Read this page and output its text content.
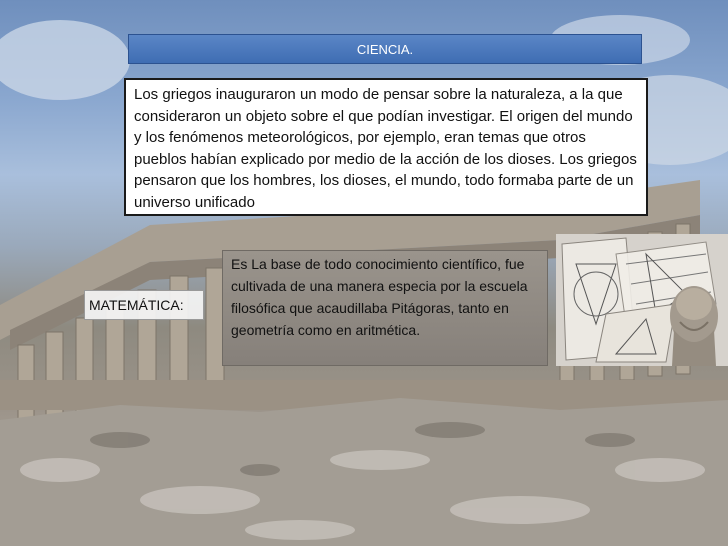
CIENCIA.
Los griegos inauguraron un modo de pensar sobre la naturaleza, a la que consideraron un objeto sobre el que podían investigar. El origen del mundo y los fenómenos meteorológicos, por ejemplo, eran temas que otros pueblos habían explicado por medio de la acción de los dioses. Los griegos pensaron que los hombres, los dioses, el mundo, todo formaba parte de un universo unificado
MATEMÁTICA:
Es La base de todo conocimiento científico, fue cultivada de una manera especia por la escuela filosófica que acaudillaba Pitágoras, tanto en geometría como en aritmética.
